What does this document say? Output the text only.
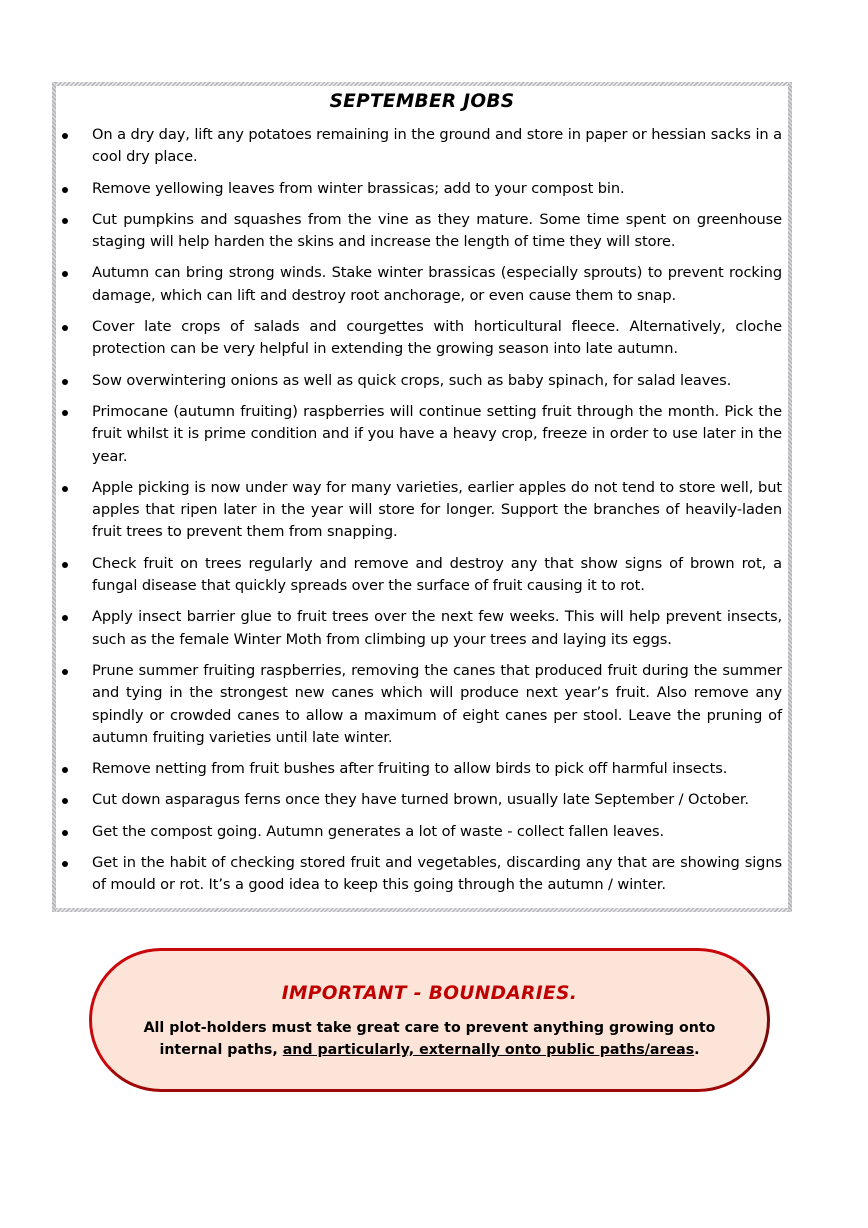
SEPTEMBER JOBS
On a dry day, lift any potatoes remaining in the ground and store in paper or hessian sacks in a cool dry place.
Remove yellowing leaves from winter brassicas; add to your compost bin.
Cut pumpkins and squashes from the vine as they mature. Some time spent on greenhouse staging will help harden the skins and increase the length of time they will store.
Autumn can bring strong winds. Stake winter brassicas (especially sprouts) to prevent rocking damage, which can lift and destroy root anchorage, or even cause them to snap.
Cover late crops of salads and courgettes with horticultural fleece. Alternatively, cloche protection can be very helpful in extending the growing season into late autumn.
Sow overwintering onions as well as quick crops, such as baby spinach, for salad leaves.
Primocane (autumn fruiting) raspberries will continue setting fruit through the month. Pick the fruit whilst it is prime condition and if you have a heavy crop, freeze in order to use later in the year.
Apple picking is now under way for many varieties, earlier apples do not tend to store well, but apples that ripen later in the year will store for longer. Support the branches of heavily-laden fruit trees to prevent them from snapping.
Check fruit on trees regularly and remove and destroy any that show signs of brown rot, a fungal disease that quickly spreads over the surface of fruit causing it to rot.
Apply insect barrier glue to fruit trees over the next few weeks. This will help prevent insects, such as the female Winter Moth from climbing up your trees and laying its eggs.
Prune summer fruiting raspberries, removing the canes that produced fruit during the summer and tying in the strongest new canes which will produce next year’s fruit. Also remove any spindly or crowded canes to allow a maximum of eight canes per stool. Leave the pruning of autumn fruiting varieties until late winter.
Remove netting from fruit bushes after fruiting to allow birds to pick off harmful insects.
Cut down asparagus ferns once they have turned brown, usually late September / October.
Get the compost going. Autumn generates a lot of waste - collect fallen leaves.
Get in the habit of checking stored fruit and vegetables, discarding any that are showing signs of mould or rot. It’s a good idea to keep this going through the autumn / winter.
IMPORTANT - BOUNDARIES.
All plot-holders must take great care to prevent anything growing onto internal paths, and particularly, externally onto public paths/areas.
